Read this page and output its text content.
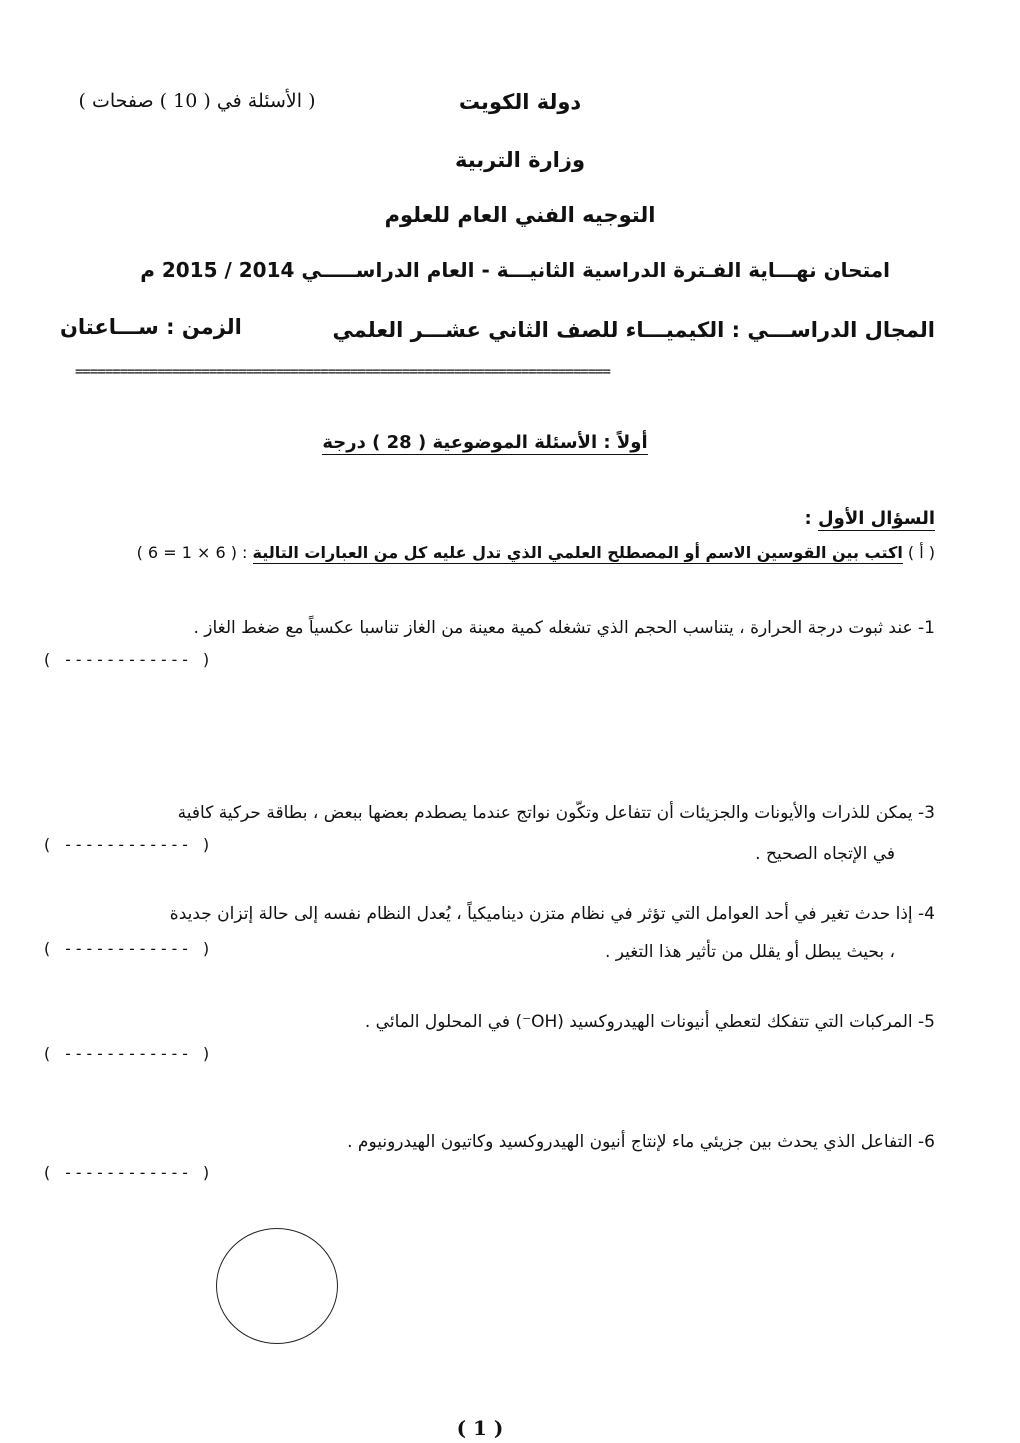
دولة الكويت
( الأسئلة في ( 10 ) صفحات )
وزارة التربية
التوجيه الفني العام للعلوم
امتحان نهـــاية الفـترة الدراسية الثانيـــة - العام الدراســـــي 2014 / 2015 م
المجال الدراســـي : الكيميـــاء للصف الثاني عشـــر العلمي
الزمن : ســـاعتان
========================================================================
أولاً : الأسئلة الموضوعية ( 28 ) درجة
السؤال الأول :
( أ ) اكتب بين القوسين الاسم أو المصطلح العلمي الذي تدل عليه كل من العبارات التالية : ( 6 × 1 = 6 )
1- عند ثبوت درجة الحرارة ، يتناسب الحجم الذي تشغله كمية معينة من الغاز تناسبا عكسياً مع ضغط الغاز .
( ------------ )
3- يمكن للذرات والأيونات والجزيئات أن تتفاعل وتكّون نواتج عندما يصطدم بعضها ببعض ، بطاقة حركية كافية
( ------------ )	في الإتجاه الصحيح .
4- إذا حدث تغير في أحد العوامل التي تؤثر في نظام متزن ديناميكياً ، يُعدل النظام نفسه إلى حالة إتزان جديدة
( ------------ )	، بحيث يبطل أو يقلل من تأثير هذا التغير .
5- المركبات التي تتفكك لتعطي أنيونات الهيدروكسيد (OH⁻) في المحلول المائي .
( ------------ )
6- التفاعل الذي يحدث بين جزيئي ماء لإنتاج أنيون الهيدروكسيد وكاتيون الهيدرونيوم .
( ------------ )
( 1 )
